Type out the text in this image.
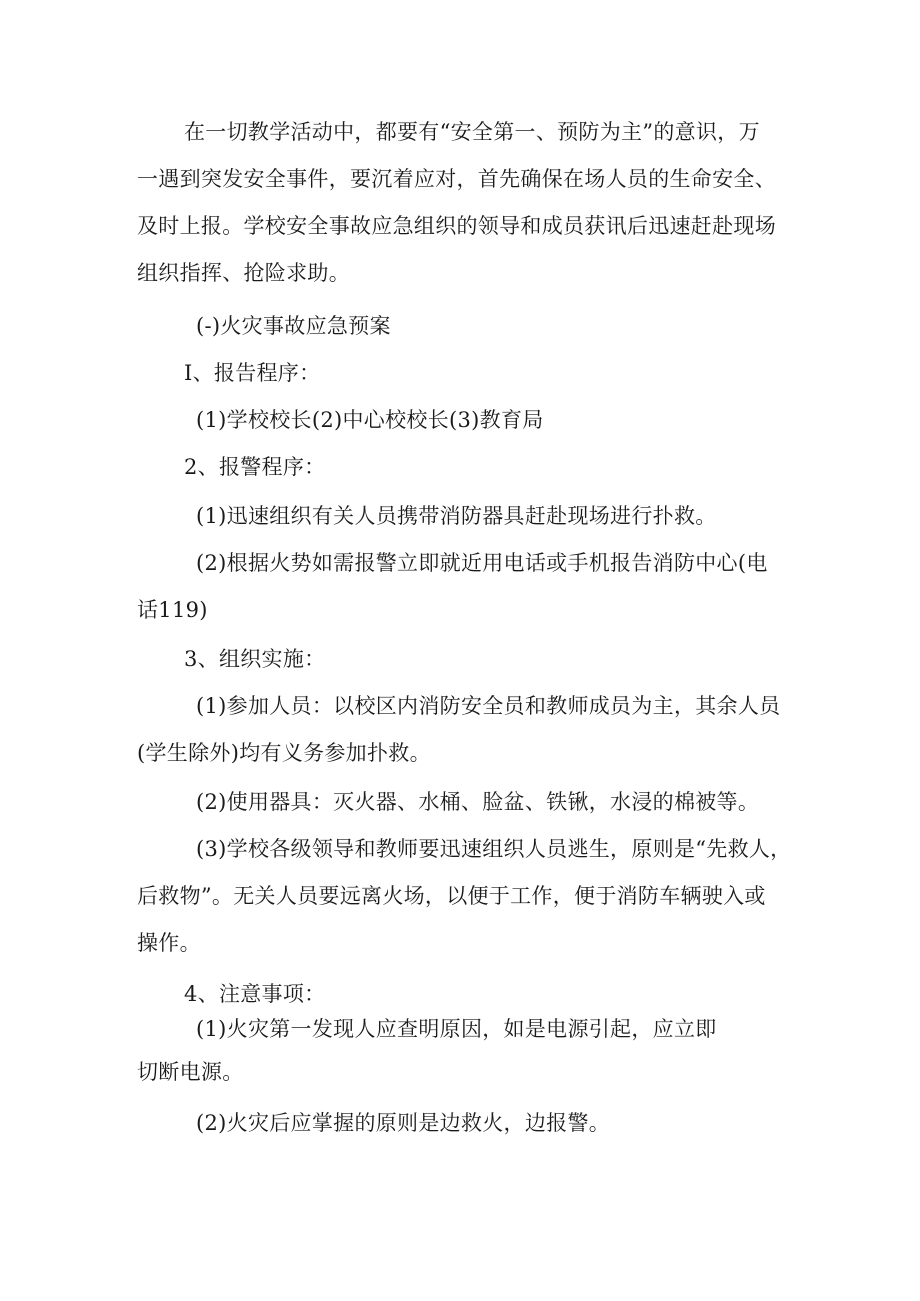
在一切教学活动中，都要有“安全第一、预防为主”的意识，万
一遇到突发安全事件，要沉着应对，首先确保在场人员的生命安全、
及时上报。学校安全事故应急组织的领导和成员获讯后迅速赶赴现场
组织指挥、抢险求助。
(-)火灾事故应急预案
I、报告程序：
(1)学校校长(2)中心校校长(3)教育局
2、报警程序：
(1)迅速组织有关人员携带消防器具赶赴现场进行扑救。
(2)根据火势如需报警立即就近用电话或手机报告消防中心(电
话119)
3、组织实施：
(1)参加人员：以校区内消防安全员和教师成员为主，其余人员
(学生除外)均有义务参加扑救。
(2)使用器具：灭火器、水桶、脸盆、铁锹，水浸的棉被等。
(3)学校各级领导和教师要迅速组织人员逃生，原则是“先救人，
后救物”。无关人员要远离火场，以便于工作，便于消防车辆驶入或
操作。
4、注意事项：
(1)火灾第一发现人应查明原因，如是电源引起，应立即
切断电源。
(2)火灾后应掌握的原则是边救火，边报警。
